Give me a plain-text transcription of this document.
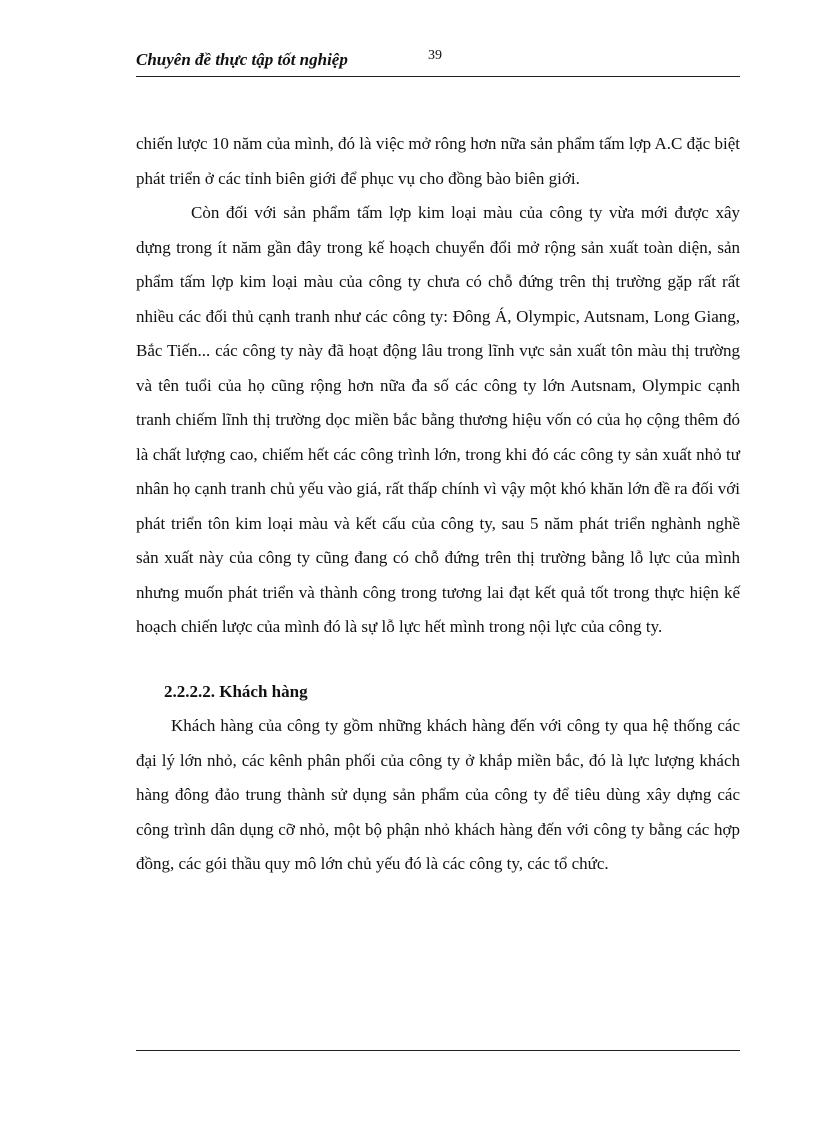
Chuyên đề thực tập tốt nghiệp	39

chiến lược 10 năm của mình, đó là việc mở rông hơn nữa sản phẩm tấm lợp A.C đặc biệt phát triển ở các tỉnh biên giới để phục vụ cho đồng bào biên giới.

Còn đối với sản phẩm tấm lợp kim loại màu của công ty vừa mới được xây dựng trong ít năm gần đây trong kế hoạch chuyển đổi mở rộng sản xuất toàn diện, sản phẩm tấm lợp kim loại màu của công ty chưa có chỗ đứng trên thị trường gặp rất rất nhiều các đối thủ cạnh tranh như các công ty: Đông Á, Olympic, Autsnam, Long Giang, Bắc Tiến... các công ty này đã hoạt động lâu trong lĩnh vực sản xuất tôn màu thị trường và tên tuổi của họ cũng rộng hơn nữa đa số các công ty lớn Autsnam, Olympic cạnh tranh chiếm lĩnh thị trường dọc miền bắc bằng thương hiệu vốn có của họ cộng thêm đó là chất lượng cao, chiếm hết các công trình lớn, trong khi đó các công ty sản xuất nhỏ tư nhân họ cạnh tranh chủ yếu vào giá, rất thấp chính vì vậy một khó khăn lớn đề ra đối với phát triển tôn kim loại màu và kết cấu của công ty, sau 5 năm phát triển nghành nghề sản xuất này của công ty cũng đang có chỗ đứng trên thị trường bằng lỗ lực của mình nhưng muốn phát triển và thành công trong tương lai đạt kết quả tốt trong thực hiện kế hoạch chiến lược của mình đó là sự lỗ lực hết mình trong nội lực của công ty.

2.2.2.2. Khách hàng

Khách hàng của công ty gồm những khách hàng đến với công ty qua hệ thống các đại lý lớn nhỏ, các kênh phân phối của công ty ở khắp miền bắc, đó là lực lượng khách hàng đông đảo trung thành sử dụng sản phẩm của công ty để tiêu dùng xây dựng các công trình dân dụng cỡ nhỏ, một bộ phận nhỏ khách hàng đến với công ty bằng các hợp đồng, các gói thầu quy mô lớn chủ yếu đó là các công ty, các tổ chức.
